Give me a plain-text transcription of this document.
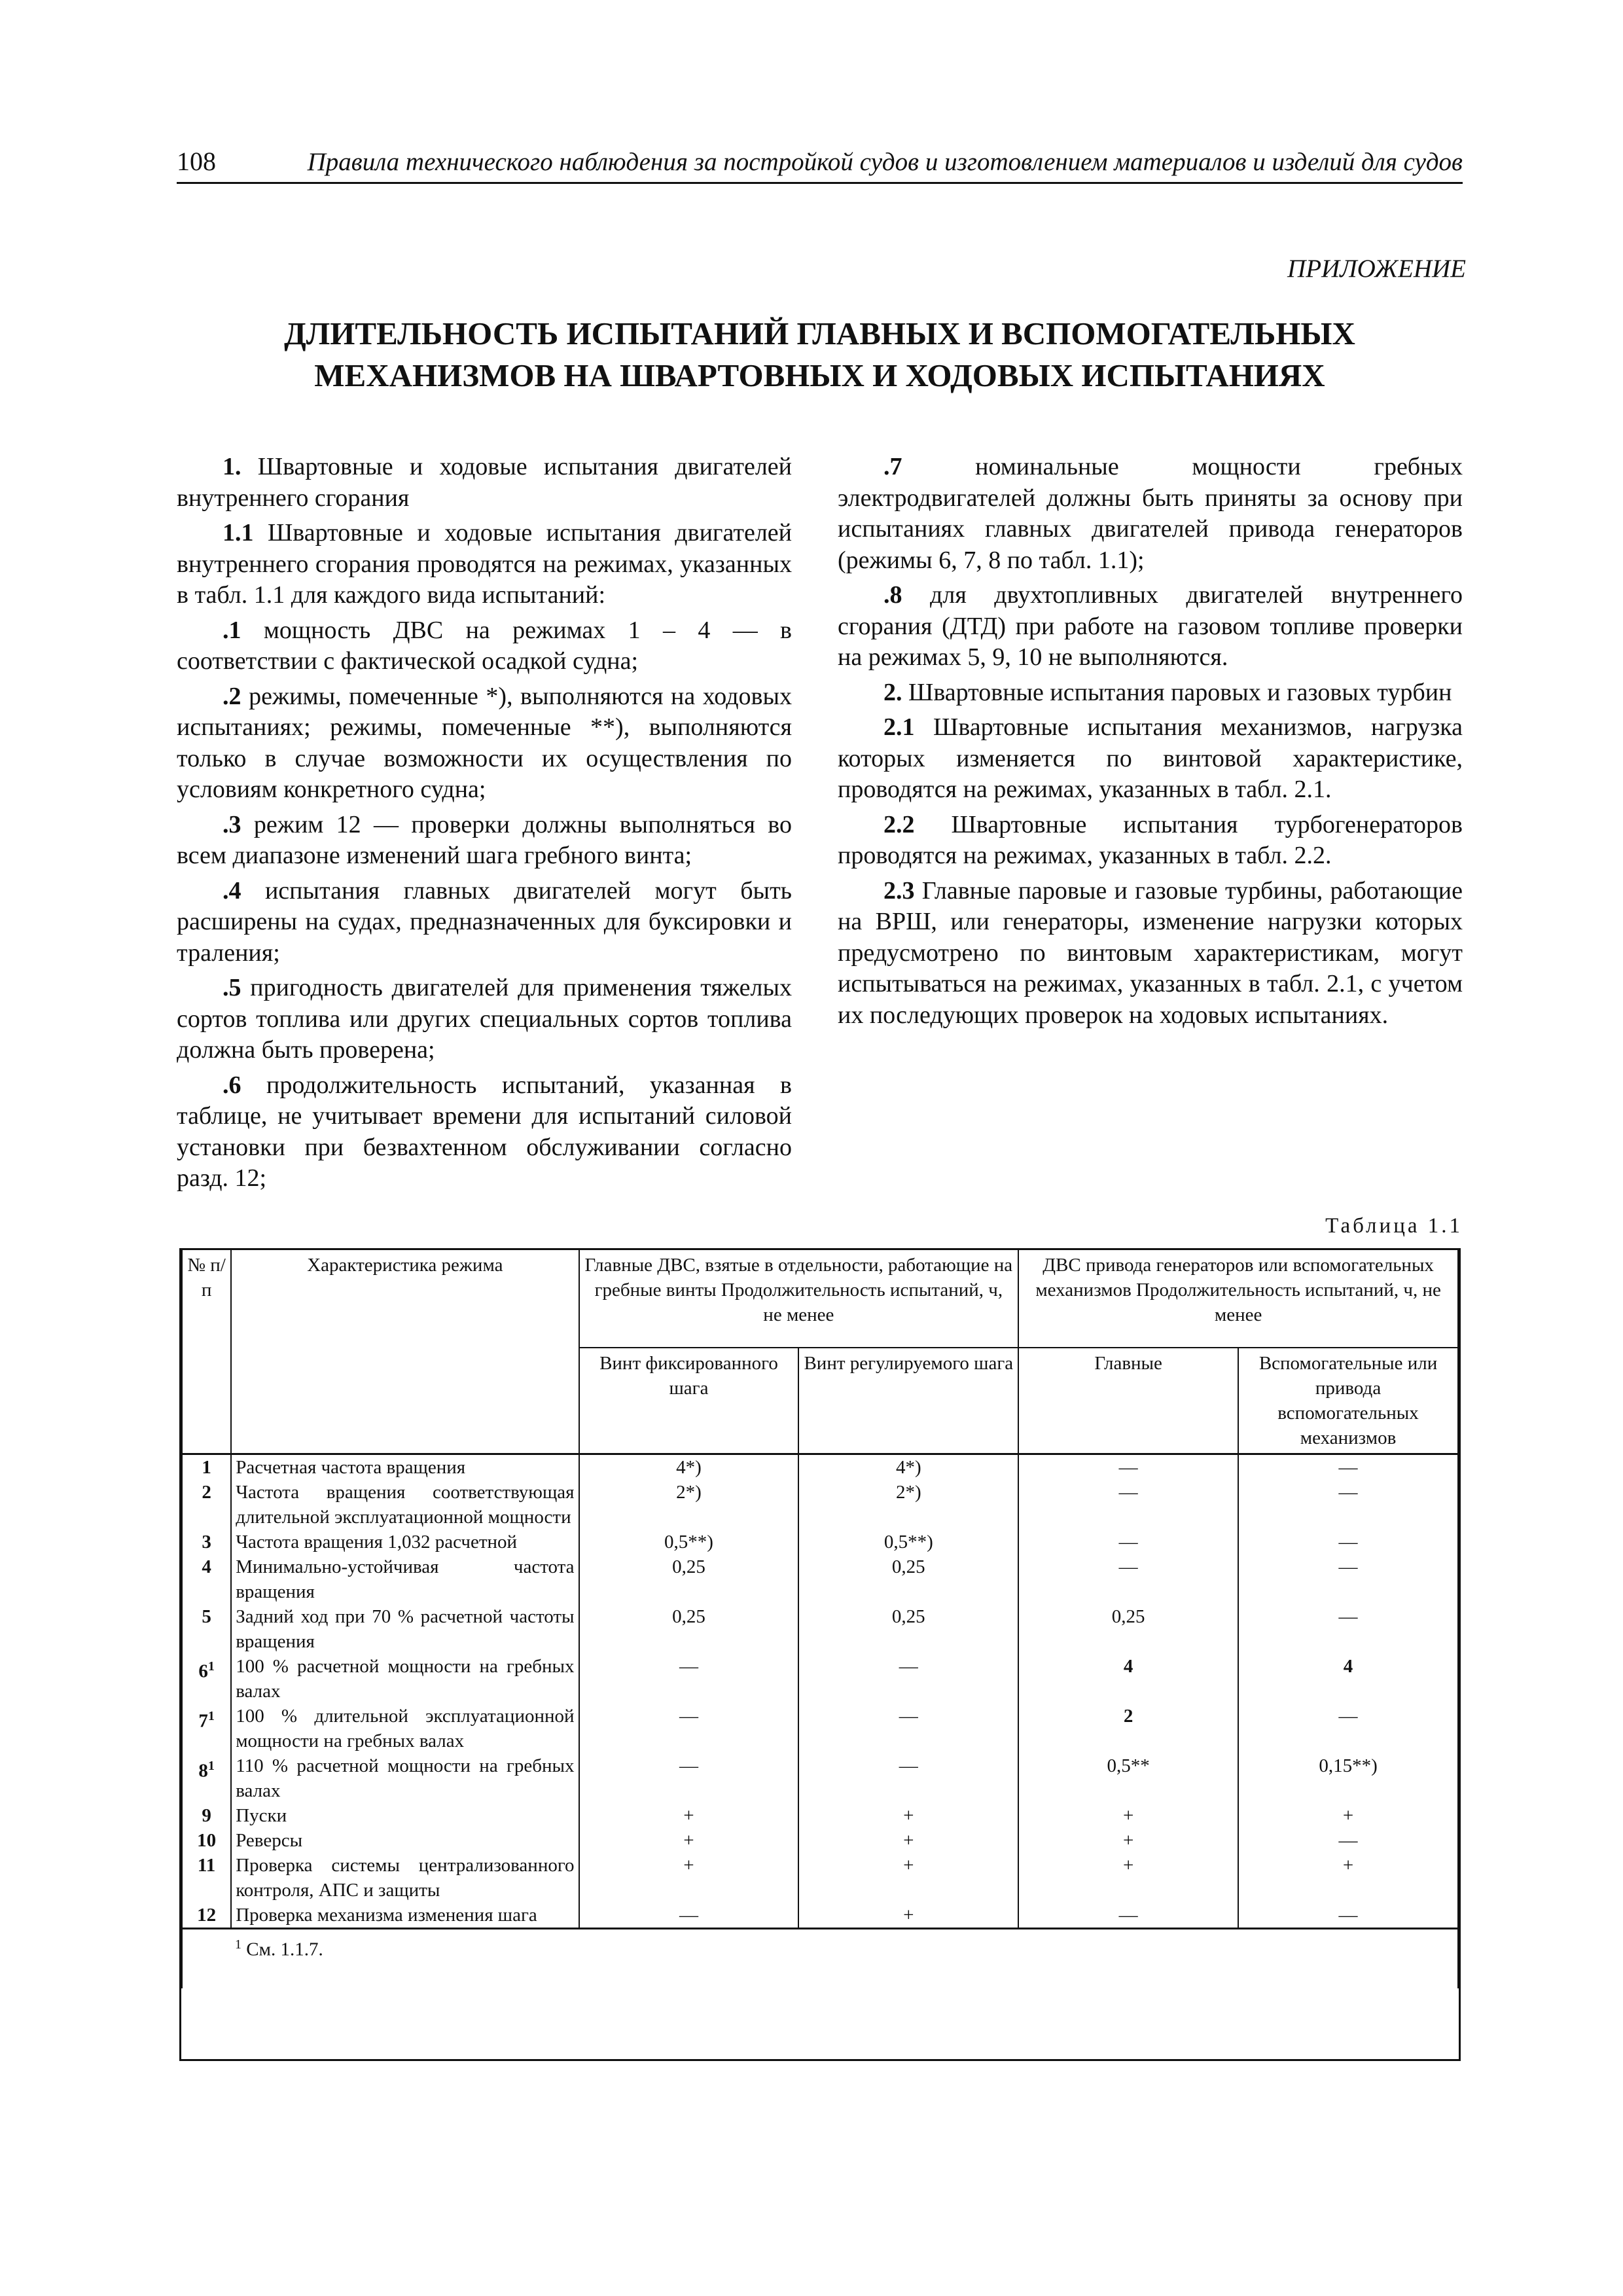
108	Правила технического наблюдения за постройкой судов и изготовлением материалов и изделий для судов
ПРИЛОЖЕНИЕ
ДЛИТЕЛЬНОСТЬ ИСПЫТАНИЙ ГЛАВНЫХ И ВСПОМОГАТЕЛЬНЫХ
МЕХАНИЗМОВ НА ШВАРТОВНЫХ И ХОДОВЫХ ИСПЫТАНИЯХ

1. Швартовные и ходовые испытания двигателей внутреннего сгорания

1.1 Швартовные и ходовые испытания двигателей внутреннего сгорания проводятся на режимах, указанных в табл. 1.1 для каждого вида испытаний:

.1 мощность ДВС на режимах 1 – 4 — в соответствии с фактической осадкой судна;

.2 режимы, помеченные *), выполняются на ходовых испытаниях; режимы, помеченные **), выполняются только в случае возможности их осуществления по условиям конкретного судна;

.3 режим 12 — проверки должны выполняться во всем диапазоне изменений шага гребного винта;

.4 испытания главных двигателей могут быть расширены на судах, предназначенных для буксировки и траления;

.5 пригодность двигателей для применения тяжелых сортов топлива или других специальных сортов топлива должна быть проверена;

.6 продолжительность испытаний, указанная в таблице, не учитывает времени для испытаний силовой установки при безвахтенном обслуживании согласно разд. 12;

.7	номинальные мощности гребных электродвигателей должны быть приняты за основу при испытаниях главных двигателей привода генераторов (режимы 6, 7, 8 по табл. 1.1);

.8 для двухтопливных двигателей внутреннего сгорания (ДТД) при работе на газовом топливе проверки на режимах 5, 9, 10 не выполняются.

2. Швартовные испытания паровых и газовых турбин

2.1 Швартовные испытания механизмов, нагрузка которых изменяется по винтовой характеристике, проводятся на режимах, указанных в табл. 2.1.

2.2 Швартовные испытания турбогенераторов проводятся на режимах, указанных в табл. 2.2.

2.3 Главные паровые и газовые турбины, работающие на ВРШ, или генераторы, изменение нагрузки которых предусмотрено по винтовым характеристикам, могут испытываться на режимах, указанных в табл. 2.1, с учетом их последующих проверок на ходовых испытаниях.

Таблица 1.1
№ п/п	Характеристика режима	Главные ДВС, взятые в отдельности, работающие на гребные винты Продолжительность испытаний, ч, не менее		ДВС привода генераторов или вспомогательных механизмов Продолжительность испытаний, ч, не менее	
		Винт фиксированного шага	Винт регулируемого шага	Главные	Вспомогательные или привода вспомогательных механизмов
1	Расчетная частота вращения	4*)	4*)	—	—
2	Частота вращения соответствующая длительной эксплуатационной мощности	2*)	2*)	—	—
3	Частота вращения 1,032 расчетной	0,5**)	0,5**)	—	—
4	Минимально-устойчивая частота вращения	0,25	0,25	—	—
5	Задний ход при 70 % расчетной частоты вращения	0,25	0,25	0,25	—
$6^1$	100 % расчетной мощности на гребных валах	—	—	4	4
$7^1$	100 % длительной эксплуатационной мощности на гребных валах	—	—	2	—
$8^1$	110 % расчетной мощности на гребных валах	—	—	0,5**	0,15**)
9	Пуски	+	+	+	+
10	Реверсы	+	+	+	—
11	Проверка системы централизованного контроля, АПС и защиты	+	+	+	+
12	Проверка механизма изменения шага	—	+	—	—
$^1$ См. 1.1.7.					
